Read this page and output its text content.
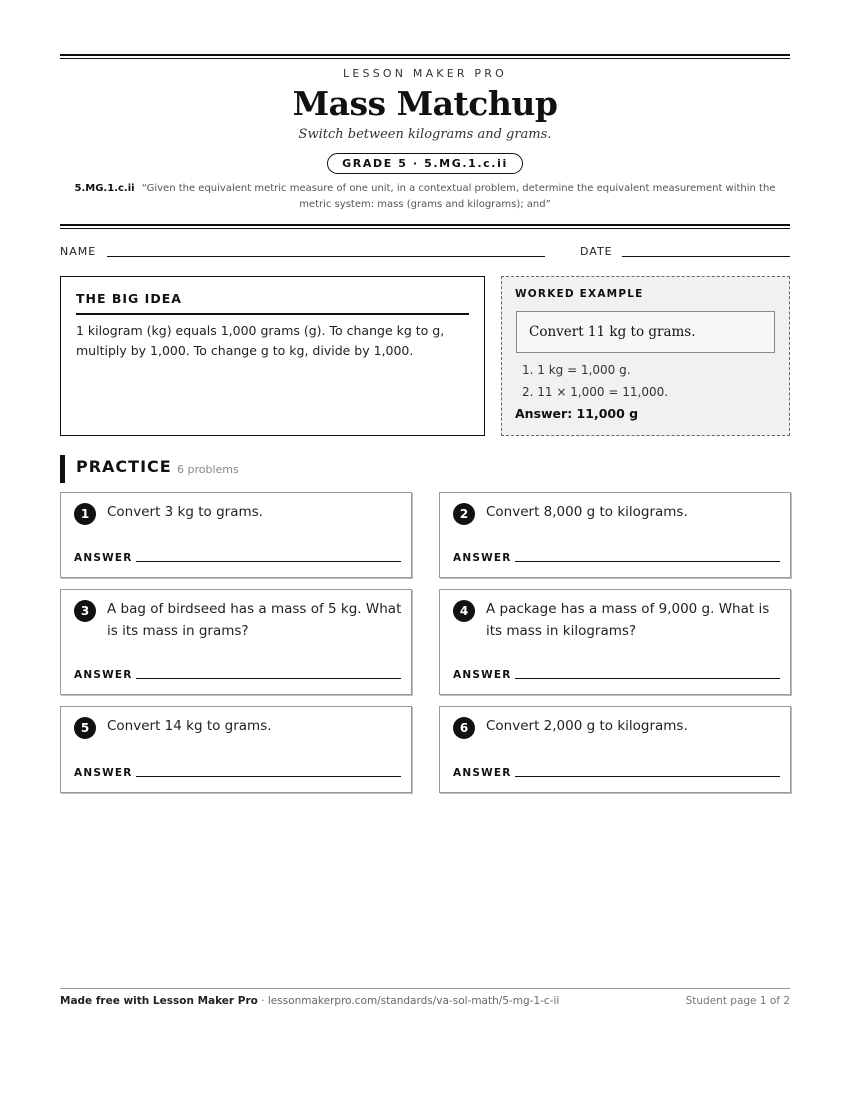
LESSON MAKER PRO
Mass Matchup
Switch between kilograms and grams.
GRADE 5 · 5.MG.1.c.ii
5.MG.1.c.ii “Given the equivalent metric measure of one unit, in a contextual problem, determine the equivalent measurement within the metric system: mass (grams and kilograms); and”
NAME	DATE
THE BIG IDEA

1 kilogram (kg) equals 1,000 grams (g). To change kg to g, multiply by 1,000. To change g to kg, divide by 1,000.

WORKED EXAMPLE
Convert 11 kg to grams.
1. 1 kg = 1,000 g.
2. 11 × 1,000 = 11,000.
Answer: 11,000 g
PRACTICE 6 problems
1	Convert 3 kg to grams.
ANSWER
2	Convert 8,000 g to kilograms.
ANSWER
3	A bag of birdseed has a mass of 5 kg. What is its mass in grams?
ANSWER
4	A package has a mass of 9,000 g. What is its mass in kilograms?
ANSWER
5	Convert 14 kg to grams.
ANSWER
6	Convert 2,000 g to kilograms.
ANSWER
Made free with Lesson Maker Pro · lessonmakerpro.com/standards/va-sol-math/5-mg-1-c-ii	Student page 1 of 2
